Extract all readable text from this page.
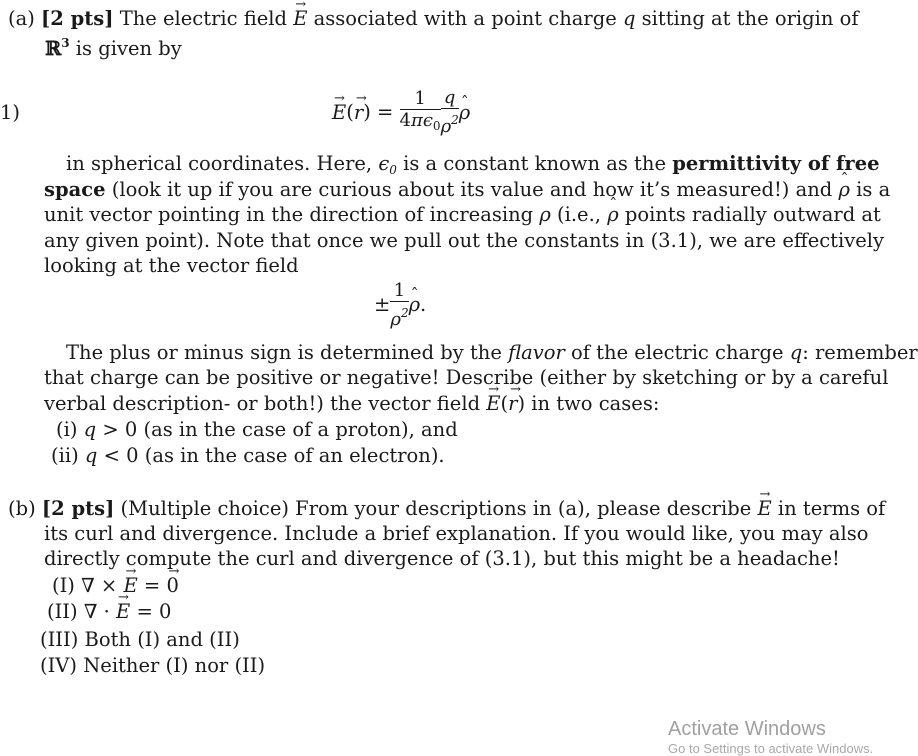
(a) [2 pts] The electric field → E associated with a point charge q sitting at the origin of
ℝ$^3$ is given by
1)	→ $E(\to r) = \frac{1}{4\pi\epsilon_0} \frac{q}{\rho^2}$ ˆ ρ
in spherical coordinates. Here, $\epsilon_0$ is a constant known as the permittivity of free
space (look it up if you are curious about its value and how it’s measured!) and ˆ ρ is a
unit vector pointing in the direction of increasing ρ (i.e., ˆ ρ points radially outward at
any given point). Note that once we pull out the constants in (3.1), we are effectively
looking at the vector field
± $\frac{1}{\rho^2}$ ˆ ρ.
The plus or minus sign is determined by the flavor of the electric charge q: remember
that charge can be positive or negative! Describe (either by sketching or by a careful
verbal description- or both!) the vector field → E(→ r) in two cases:
(i) q > 0 (as in the case of a proton), and
(ii) q < 0 (as in the case of an electron).
(b) [2 pts] (Multiple choice) From your descriptions in (a), please describe → E in terms of
its curl and divergence. Include a brief explanation. If you would like, you may also
directly compute the curl and divergence of (3.1), but this might be a headache!
(I) ∇ × → E = → 0
(II) ∇ · → E = 0
(III) Both (I) and (II)
(IV) Neither (I) nor (II)
Activate Windows
Go to Settings to activate Windows.
